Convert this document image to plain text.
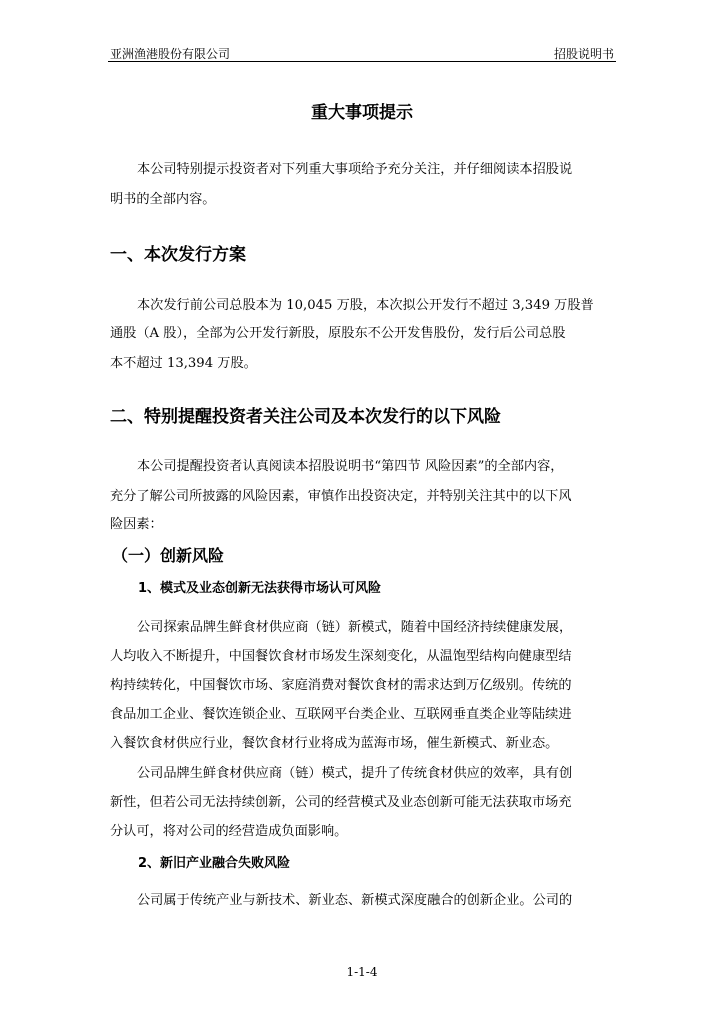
亚洲渔港股份有限公司	招股说明书
重大事项提示
本公司特别提示投资者对下列重大事项给予充分关注，并仔细阅读本招股说
明书的全部内容。
一、本次发行方案
本次发行前公司总股本为 10,045 万股，本次拟公开发行不超过 3,349 万股普
通股（A 股），全部为公开发行新股，原股东不公开发售股份，发行后公司总股
本不超过 13,394 万股。
二、特别提醒投资者关注公司及本次发行的以下风险
本公司提醒投资者认真阅读本招股说明书“第四节 风险因素”的全部内容，
充分了解公司所披露的风险因素，审慎作出投资决定，并特别关注其中的以下风
险因素：
（一）创新风险
1、模式及业态创新无法获得市场认可风险
公司探索品牌生鲜食材供应商（链）新模式，随着中国经济持续健康发展，
人均收入不断提升，中国餐饮食材市场发生深刻变化，从温饱型结构向健康型结
构持续转化，中国餐饮市场、家庭消费对餐饮食材的需求达到万亿级别。传统的
食品加工企业、餐饮连锁企业、互联网平台类企业、互联网垂直类企业等陆续进
入餐饮食材供应行业，餐饮食材行业将成为蓝海市场，催生新模式、新业态。
公司品牌生鲜食材供应商（链）模式，提升了传统食材供应的效率，具有创
新性，但若公司无法持续创新，公司的经营模式及业态创新可能无法获取市场充
分认可，将对公司的经营造成负面影响。
2、新旧产业融合失败风险
公司属于传统产业与新技术、新业态、新模式深度融合的创新企业。公司的
1-1-4
